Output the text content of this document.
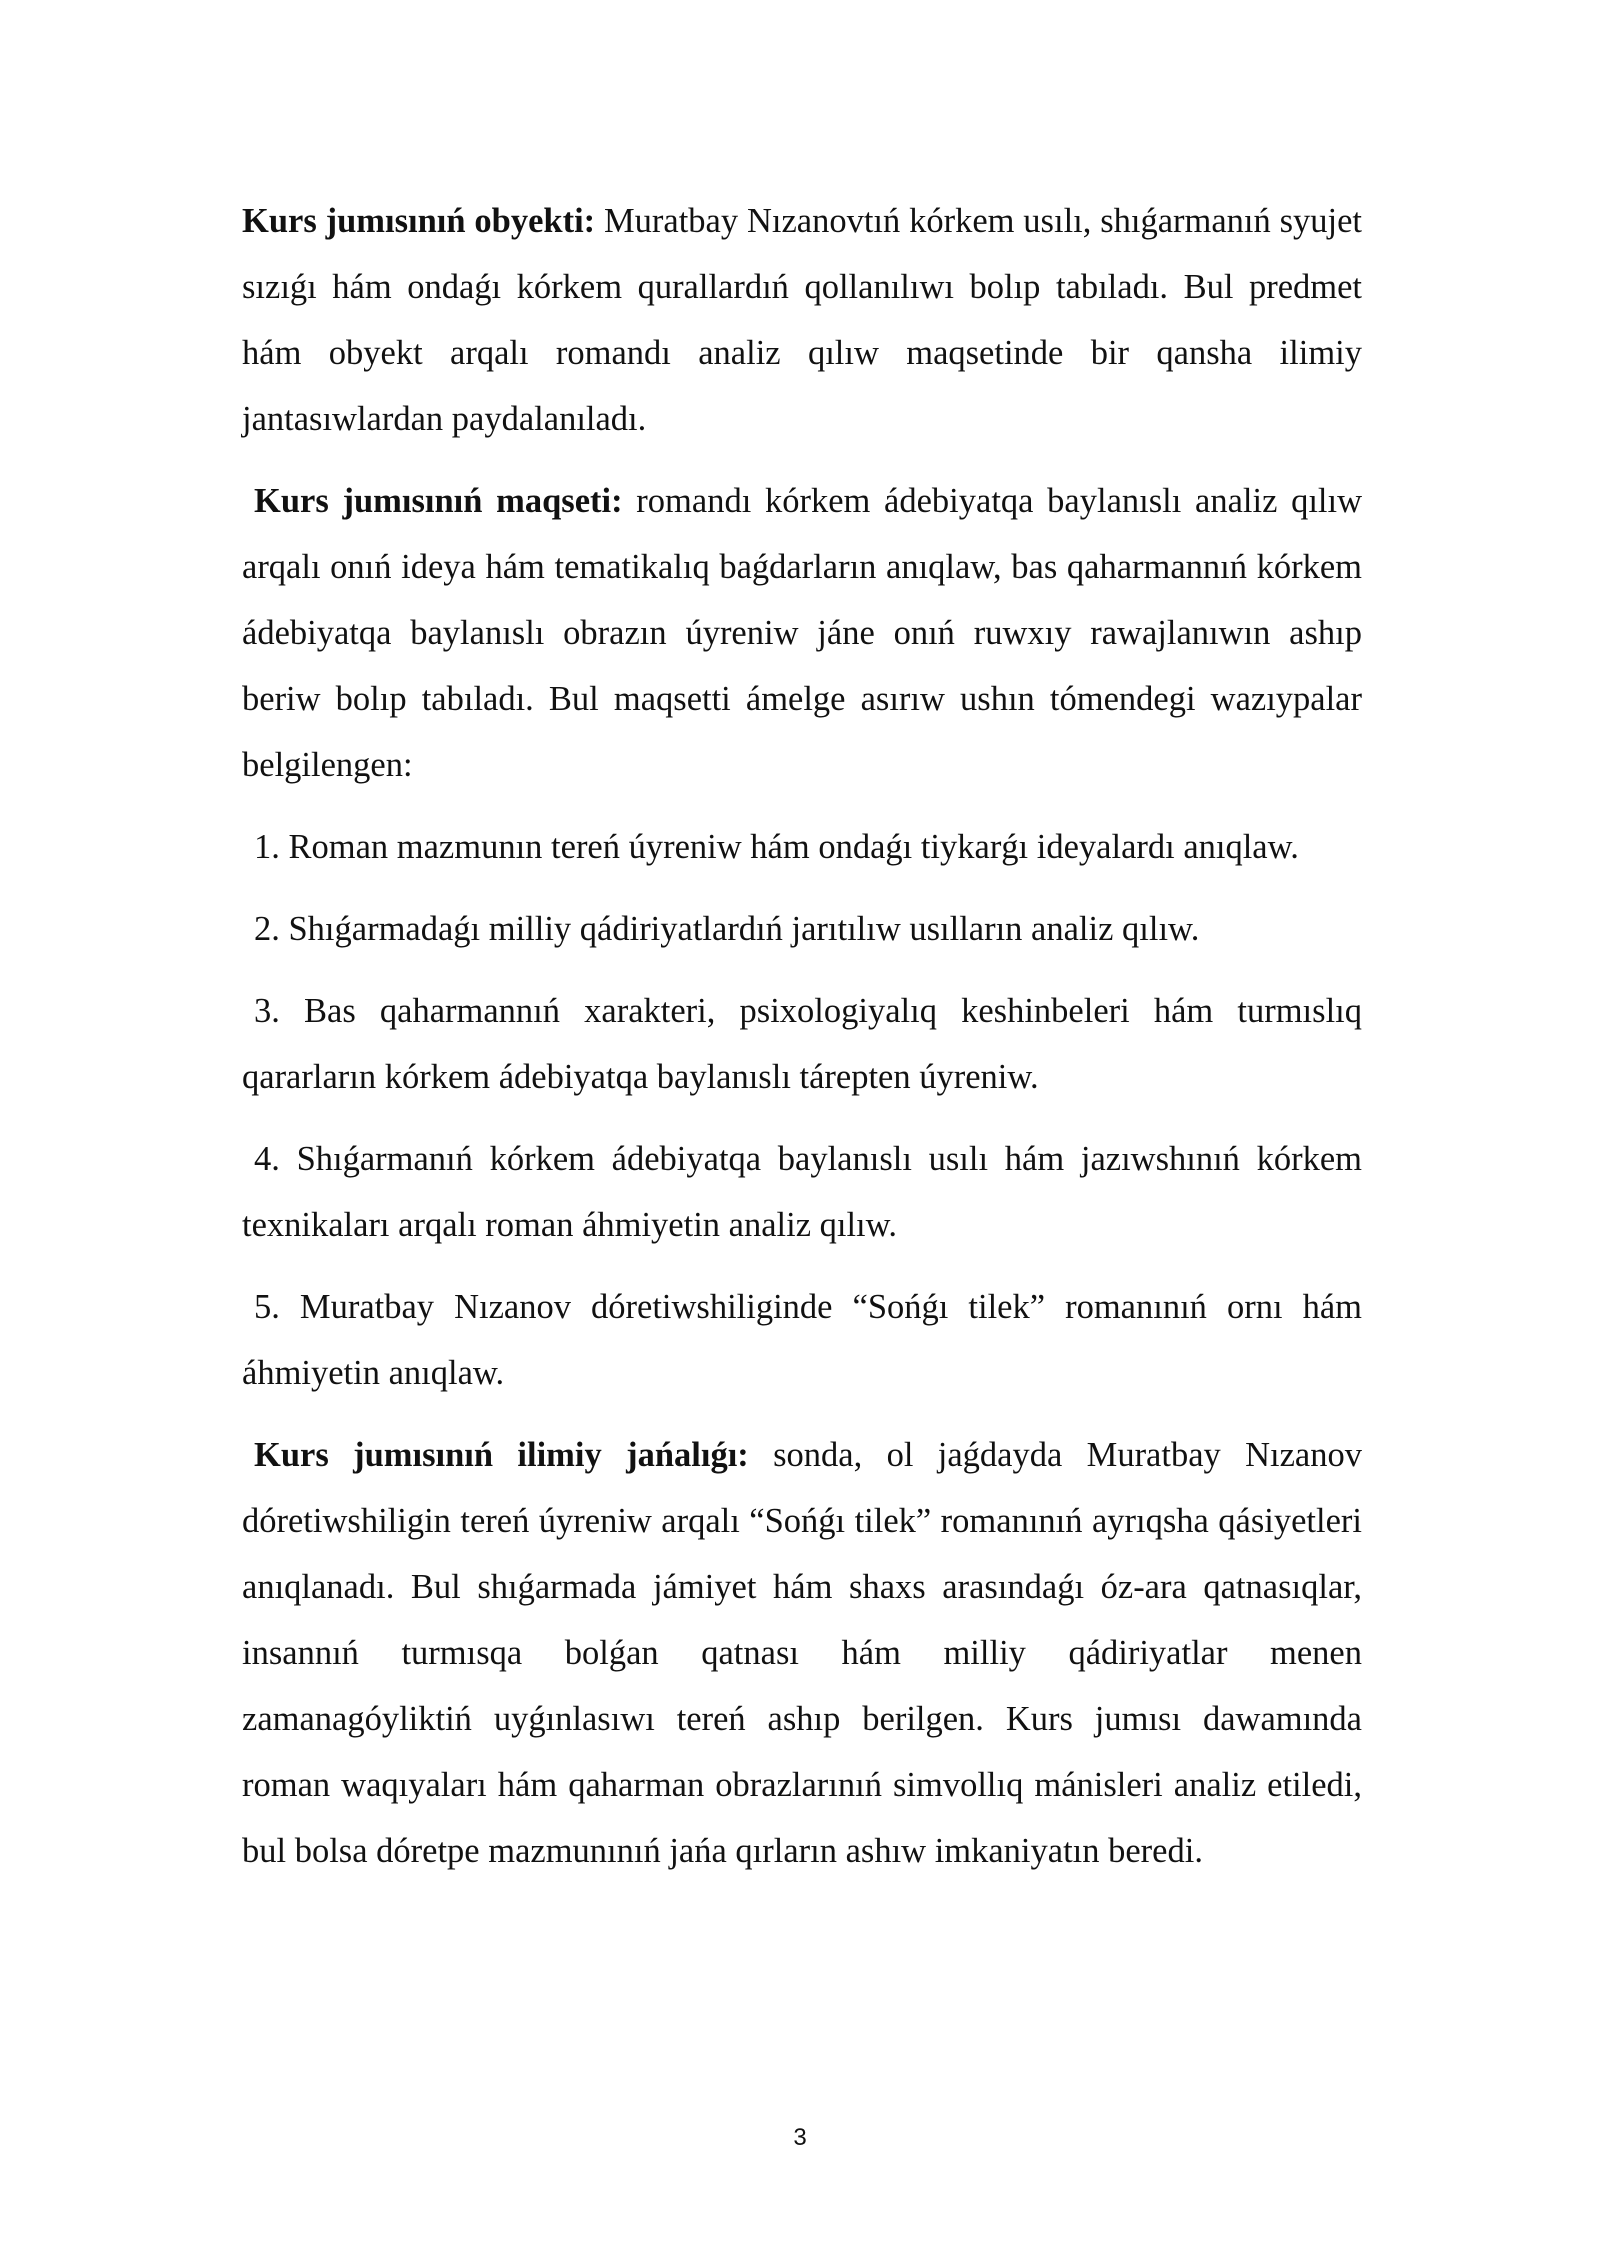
Kurs jumısınıń obyekti: Muratbay Nızanovtıń kórkem usılı, shıǵarmanıń syujet sızıǵı hám ondaǵı kórkem qurallardıń qollanılıwı bolıp tabıladı. Bul predmet hám obyekt arqalı romandı analiz qılıw maqsetinde bir qansha ilimiy jantasıwlardan paydalanıladı.

Kurs jumısınıń maqseti: romandı kórkem ádebiyatqa baylanıslı analiz qılıw arqalı onıń ideya hám tematikalıq baǵdarların anıqlaw, bas qaharmannıń kórkem ádebiyatqa baylanıslı obrazın úyreniw jáne onıń ruwxıy rawajlanıwın ashıp beriw bolıp tabıladı. Bul maqsetti ámelge asırıw ushın tómendegi wazıypalar belgilengen:

1. Roman mazmunın tereń úyreniw hám ondaǵı tiykarǵı ideyalardı anıqlaw.

2. Shıǵarmadaǵı milliy qádiriyatlardıń jarıtılıw usılların analiz qılıw.

3. Bas qaharmannıń xarakteri, psixologiyalıq keshinbeleri hám turmıslıq qararların kórkem ádebiyatqa baylanıslı tárepten úyreniw.

4. Shıǵarmanıń kórkem ádebiyatqa baylanıslı usılı hám jazıwshınıń kórkem texnikaları arqalı roman áhmiyetin analiz qılıw.

5. Muratbay Nızanov dóretiwshiliginde “Sońǵı tilek” romanınıń ornı hám áhmiyetin anıqlaw.

Kurs jumısınıń ilimiy jańalıǵı: sonda, ol jaǵdayda Muratbay Nızanov dóretiwshiligin tereń úyreniw arqalı “Sońǵı tilek” romanınıń ayrıqsha qásiyetleri anıqlanadı. Bul shıǵarmada jámiyet hám shaxs arasındaǵı óz-ara qatnasıqlar, insannıń turmısqa bolǵan qatnası hám milliy qádiriyatlar menen zamanagóyliktiń uyǵınlasıwı tereń ashıp berilgen. Kurs jumısı dawamında roman waqıyaları hám qaharman obrazlarınıń simvollıq mánisleri analiz etiledi, bul bolsa dóretpe mazmunınıń jańa qırların ashıw imkaniyatın beredi.

3
